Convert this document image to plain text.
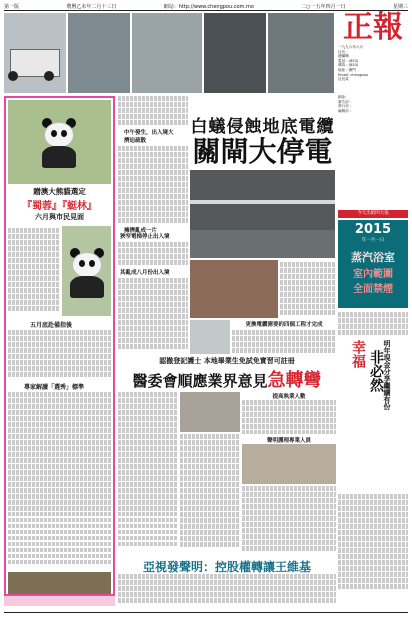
第一版	農曆乙未年二月十三日	網站：http://www.chengpou.com.mo	二○一五年四月一日	星期三
正報
一九九六年六月
社長 :
總編輯
電話 : (853)
傳真 : (853)
地址 : 澳門
Email: chengpou
社長黃
網址:
廣告部 :
發行部 :
編輯部 :
今天出紙四大張
2015
年一月一日
蒸汽浴室
室內範圍
全面禁煙
幸福 非必然 明年現金分享繼續有份
贈澳大熊貓選定
『蜀蓉』『蜓林』
六月與市民見面
五月底赴備指後
專家解讀「選秀」標準
白蟻侵蝕地底電纜
關閘大停電
中午發生，出入境大
擠迫疏散
擁擠亂成一片
狹窄電梯停止出入境
其亂成八月份出入境
更換電纜需要約四個工程才完成
認撤登記護士 本地畢業生免試免實習可註冊
醫委會順應業界意見急轉彎
提高執業人數
聲明護理專業人員
亞視發聲明：控股權轉讓王維基
